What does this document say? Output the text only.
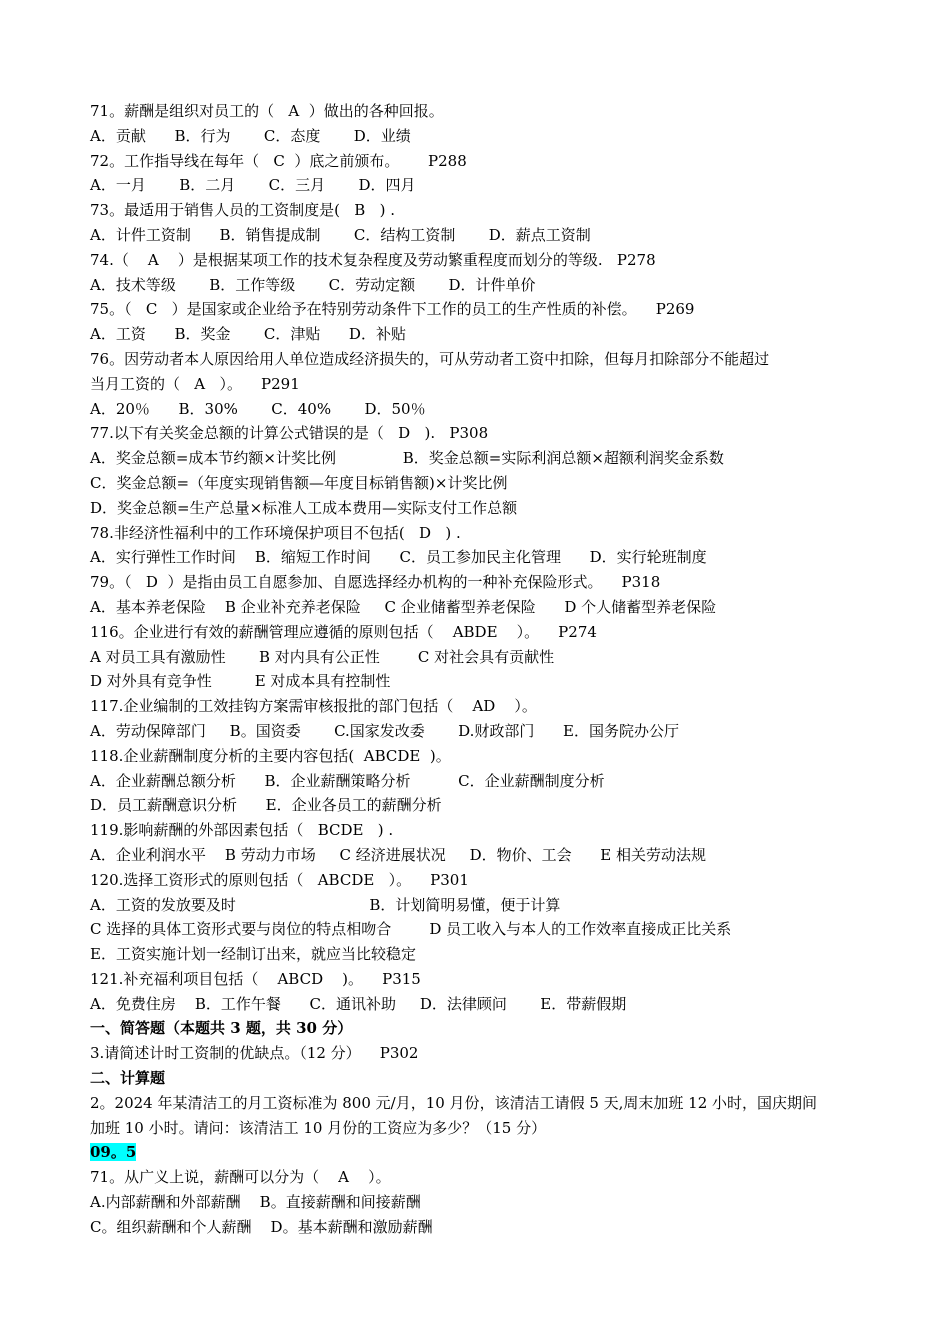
71。薪酬是组织对员工的（   A  ）做出的各种回报。
A．贡献      B．行为       C．态度       D．业绩
72。工作指导线在每年（   C  ）底之前颁布。      P288
A．一月       B．二月       C．三月       D．四月
73。最适用于销售人员的工资制度是(   B   ) .
A．计件工资制      B．销售提成制       C．结构工资制       D．薪点工资制
74.（    A    ）是根据某项工作的技术复杂程度及劳动繁重程度而划分的等级.   P278
A．技术等级       B．工作等级       C．劳动定额       D．计件单价
75。（   C   ）是国家或企业给予在特别劳动条件下工作的员工的生产性质的补偿。    P269
A．工资      B．奖金       C．津贴      D．补贴
76。因劳动者本人原因给用人单位造成经济损失的，可从劳动者工资中扣除，但每月扣除部分不能超过
当月工资的（   A   ）。    P291
A．20％      B．30%       C．40%       D．50％
77.以下有关奖金总额的计算公式错误的是（   D   ).   P308
A．奖金总额=成本节约额×计奖比例              B．奖金总额=实际利润总额×超额利润奖金系数
C．奖金总额=（年度实现销售额—年度目标销售额)×计奖比例
D．奖金总额=生产总量×标准人工成本费用—实际支付工作总额
78.非经济性福利中的工作环境保护项目不包括(   D   ) .
A．实行弹性工作时间    B．缩短工作时间      C．员工参加民主化管理      D．实行轮班制度
79。（   D  ）是指由员工自愿参加、自愿选择经办机构的一种补充保险形式。    P318
A．基本养老保险    B 企业补充养老保险     C 企业储蓄型养老保险      D 个人储蓄型养老保险
116。企业进行有效的薪酬管理应遵循的原则包括（    ABDE    ）。    P274
A 对员工具有激励性       B 对内具有公正性        C 对社会具有贡献性
D 对外具有竞争性         E 对成本具有控制性
117.企业编制的工效挂钩方案需审核报批的部门包括（    AD    ）。
A．劳动保障部门     B。国资委       C.国家发改委       D.财政部门      E．国务院办公厅
118.企业薪酬制度分析的主要内容包括(  ABCDE  )。
A．企业薪酬总额分析      B．企业薪酬策略分析          C．企业薪酬制度分析
D．员工薪酬意识分析      E．企业各员工的薪酬分析
119.影响薪酬的外部因素包括（   BCDE   ) .
A．企业利润水平    B 劳动力市场     C 经济进展状况     D．物价、工会      E 相关劳动法规
120.选择工资形式的原则包括（   ABCDE   ）。    P301
A．工资的发放要及时                            B．计划简明易懂，便于计算
C 选择的具体工资形式要与岗位的特点相吻合        D 员工收入与本人的工作效率直接成正比关系
E．工资实施计划一经制订出来，就应当比较稳定
121.补充福利项目包括（    ABCD    )。    P315
A．免费住房    B．工作午餐      C．通讯补助     D．法律顾问       E．带薪假期
一、简答题（本题共 3 题，共 30 分）
3.请简述计时工资制的优缺点。（12 分）    P302
二、计算题
2。2024 年某清洁工的月工资标准为 800 元/月，10 月份，该清洁工请假 5 天,周末加班 12 小时，国庆期间
加班 10 小时。请问：该清洁工 10 月份的工资应为多少？（15 分）
09。5
71。从广义上说，薪酬可以分为（    A    ）。
A.内部薪酬和外部薪酬    B。直接薪酬和间接薪酬
C。组织薪酬和个人薪酬    D。基本薪酬和激励薪酬
